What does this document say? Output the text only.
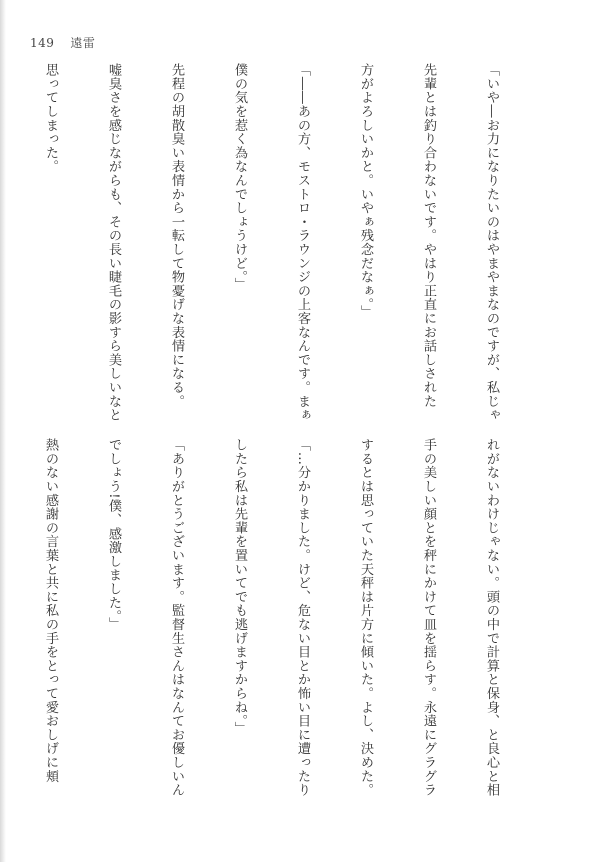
149 遠雷

「いや―お力になりたいのはやまやまなのですが、私じゃ

先輩とは釣り合わないです。やはり正直にお話しされた

方がよろしいかと。いやぁ残念だなぁ。」

「――あの方、モストロ・ラウンジの上客なんです。まぁ

僕の気を惹く為なんでしょうけど。」

先程の胡散臭い表情から一転して物憂げな表情になる。

嘘臭さを感じながらも、その長い睫毛の影すら美しいなと

思ってしまった。

れがないわけじゃない。頭の中で計算と保身、と良心と相

手の美しい顔とを秤にかけて皿を揺らす。永遠にグラグラ

するとは思っていた天秤は片方に傾いた。よし、決めた。

「…分かりました。けど、危ない目とか怖い目に遭ったり

したら私は先輩を置いてでも逃げますからね。」

「ありがとうございます。監督生さんはなんてお優しいん

でしょう!僕、感激しました。」

熱のない感謝の言葉と共に私の手をとって愛おしげに頬
